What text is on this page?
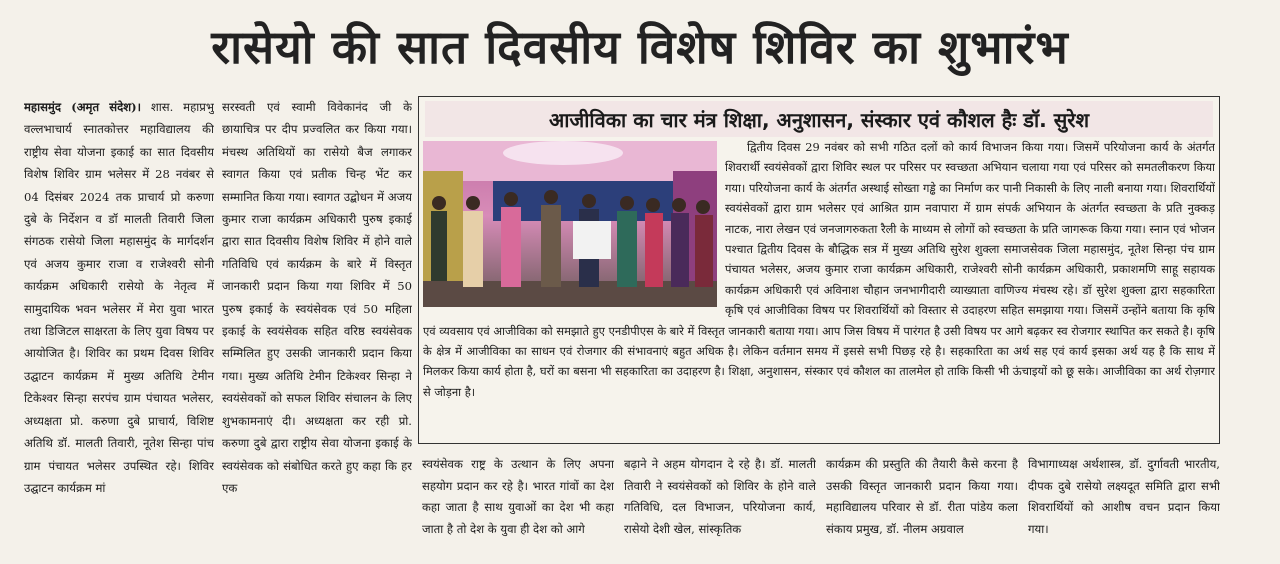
रासेयो की सात दिवसीय विशेष शिविर का शुभारंभ

महासमुंद (अमृत संदेश)। शास. महाप्रभु वल्लभाचार्य स्नातकोत्तर महाविद्यालय की राष्ट्रीय सेवा योजना इकाई का सात दिवसीय विशेष शिविर ग्राम भलेसर में 28 नवंबर से 04 दिसंबर 2024 तक प्राचार्य प्रो करुणा दुबे के निर्देशन व डॉ मालती तिवारी जिला संगठक रासेयो जिला महासमुंद के मार्गदर्शन एवं अजय कुमार राजा व राजेश्वरी सोनी कार्यक्रम अधिकारी रासेयो के नेतृत्व में सामुदायिक भवन भलेसर में मेरा युवा भारत तथा डिजिटल साक्षरता के लिए युवा विषय पर आयोजित है। शिविर का प्रथम दिवस शिविर उद्घाटन कार्यक्रम में मुख्य अतिथि टेमीन टिकेश्वर सिन्हा सरपंच ग्राम पंचायत भलेसर, अध्यक्षता प्रो. करुणा दुबे प्राचार्य, विशिष्ट अतिथि डॉ. मालती तिवारी, नूतेश सिन्हा पांच ग्राम पंचायत भलेसर उपस्थित रहे। शिविर उद्घाटन कार्यक्रम मां

सरस्वती एवं स्वामी विवेकानंद जी के छायाचित्र पर दीप प्रज्वलित कर किया गया। मंचस्थ अतिथियों का रासेयो बैज लगाकर स्वागत किया एवं प्रतीक चिन्ह भेंट कर सम्मानित किया गया। स्वागत उद्बोधन में अजय कुमार राजा कार्यक्रम अधिकारी पुरुष इकाई द्वारा सात दिवसीय विशेष शिविर में होने वाले गतिविधि एवं कार्यक्रम के बारे में विस्तृत जानकारी प्रदान किया गया शिविर में 50 पुरुष इकाई के स्वयंसेवक एवं 50 महिला इकाई के स्वयंसेवक सहित वरिष्ठ स्वयंसेवक सम्मिलित हुए उसकी जानकारी प्रदान किया गया। मुख्य अतिथि टेमीन टिकेश्वर सिन्हा ने स्वयंसेवकों को सफल शिविर संचालन के लिए शुभकामनाएं दी। अध्यक्षता कर रही प्रो. करुणा दुबे द्वारा राष्ट्रीय सेवा योजना इकाई के स्वयंसेवक को संबोधित करते हुए कहा कि हर एक

आजीविका का चार मंत्र शिक्षा, अनुशासन, संस्कार एवं कौशल हैः डॉ. सुरेश

द्वितीय दिवस 29 नवंबर को सभी गठित दलों को कार्य विभाजन किया गया। जिसमें परियोजना कार्य के अंतर्गत शिवरार्थी स्वयंसेवकों द्वारा शिविर स्थल पर परिसर पर स्वच्छता अभियान चलाया गया एवं परिसर को समतलीकरण किया गया। परियोजना कार्य के अंतर्गत अस्थाई सोख्ता गड्ढे का निर्माण कर पानी निकासी के लिए नाली बनाया गया। शिवरार्थियों स्वयंसेवकों द्वारा ग्राम भलेसर एवं आश्रित ग्राम नवापारा में ग्राम संपर्क अभियान के अंतर्गत स्वच्छता के प्रति नुक्कड़ नाटक, नारा लेखन एवं जनजागरुकता रैली के माध्यम से लोगों को स्वच्छता के प्रति जागरूक किया गया। स्नान एवं भोजन पश्चात द्वितीय दिवस के बौद्धिक सत्र में मुख्य अतिथि सुरेश शुक्ला समाजसेवक जिला महासमुंद, नूतेश सिन्हा पंच ग्राम पंचायत भलेसर, अजय कुमार राजा कार्यक्रम अधिकारी, राजेश्वरी सोनी कार्यक्रम अधिकारी, प्रकाशमणि साहू सहायक कार्यक्रम अधिकारी एवं अविनाश चौहान जनभागीदारी व्याख्याता वाणिज्य मंचस्थ रहे। डॉ सुरेश शुक्ला द्वारा सहकारिता कृषि एवं आजीविका विषय पर शिवरार्थियों को विस्तार से उदाहरण सहित समझाया गया। जिसमें उन्होंने बताया कि कृषि एवं व्यवसाय एवं आजीविका को समझाते हुए एनडीपीएस के बारे में विस्तृत जानकारी बताया गया। आप जिस विषय में पारंगत है उसी विषय पर आगे बढ़कर स्व रोजगार स्थापित कर सकते है। कृषि के क्षेत्र में आजीविका का साधन एवं रोजगार की संभावनाएं बहुत अधिक है। लेकिन वर्तमान समय में इससे सभी पिछड़ रहे है। सहकारिता का अर्थ सह एवं कार्य इसका अर्थ यह है कि साथ में मिलकर किया कार्य होता है, घरों का बसना भी सहकारिता का उदाहरण है। शिक्षा, अनुशासन, संस्कार एवं कौशल का तालमेल हो ताकि किसी भी ऊंचाइयों को छू सके। आजीविका का अर्थ रोज़गार से जोड़ना है।

स्वयंसेवक राष्ट्र के उत्थान के लिए अपना सहयोग प्रदान कर रहे है। भारत गांवों का देश कहा जाता है साथ युवाओं का देश भी कहा जाता है तो देश के युवा ही देश को आगे

बढ़ाने ने अहम योगदान दे रहे है। डॉ. मालती तिवारी ने स्वयंसेवकों को शिविर के होने वाले गतिविधि, दल विभाजन, परियोजना कार्य, रासेयो देशी खेल, सांस्कृतिक

कार्यक्रम की प्रस्तुति की तैयारी कैसे करना है उसकी विस्तृत जानकारी प्रदान किया गया। महाविद्यालय परिवार से डॉ. रीता पांडेय कला संकाय प्रमुख, डॉ. नीलम अग्रवाल

विभागाध्यक्ष अर्थशास्त्र, डॉ. दुर्गावती भारतीय, दीपक दुबे रासेयो लक्ष्यदूत समिति द्वारा सभी शिवरार्थियों को आशीष वचन प्रदान किया गया।
